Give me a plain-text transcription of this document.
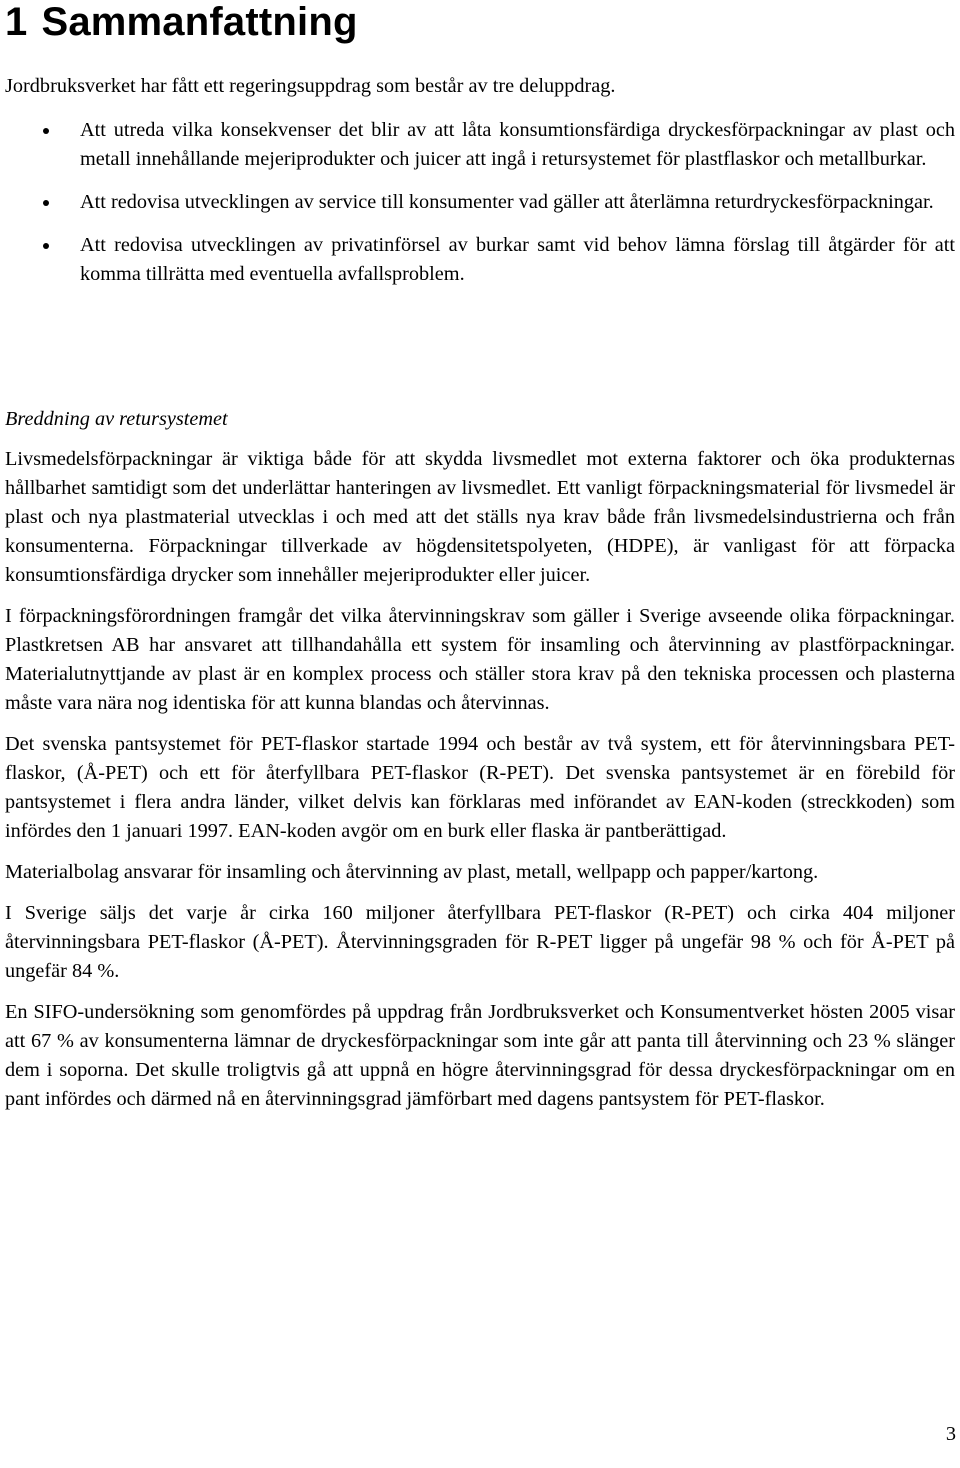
1 Sammanfattning

Jordbruksverket har fått ett regeringsuppdrag som består av tre deluppdrag.

Att utreda vilka konsekvenser det blir av att låta konsumtionsfärdiga dryckesförpackningar av plast och metall innehållande mejeriprodukter och juicer att ingå i retursystemet för plastflaskor och metallburkar.
Att redovisa utvecklingen av service till konsumenter vad gäller att återlämna returdryckesförpackningar.
Att redovisa utvecklingen av privatinförsel av burkar samt vid behov lämna förslag till åtgärder för att komma tillrätta med eventuella avfallsproblem.
Breddning av retursystemet

Livsmedelsförpackningar är viktiga både för att skydda livsmedlet mot externa faktorer och öka produkternas hållbarhet samtidigt som det underlättar hanteringen av livsmedlet. Ett vanligt förpackningsmaterial för livsmedel är plast och nya plastmaterial utvecklas i och med att det ställs nya krav både från livsmedelsindustrierna och från konsumenterna. Förpackningar tillverkade av högdensitetspolyeten, (HDPE), är vanligast för att förpacka konsumtionsfärdiga drycker som innehåller mejeriprodukter eller juicer.

I förpackningsförordningen framgår det vilka återvinningskrav som gäller i Sverige avseende olika förpackningar. Plastkretsen AB har ansvaret att tillhandahålla ett system för insamling och återvinning av plastförpackningar. Materialutnyttjande av plast är en komplex process och ställer stora krav på den tekniska processen och plasterna måste vara nära nog identiska för att kunna blandas och återvinnas.

Det svenska pantsystemet för PET-flaskor startade 1994 och består av två system, ett för återvinningsbara PET-flaskor, (Å-PET) och ett för återfyllbara PET-flaskor (R-PET). Det svenska pantsystemet är en förebild för pantsystemet i flera andra länder, vilket delvis kan förklaras med införandet av EAN-koden (streckkoden) som infördes den 1 januari 1997. EAN-koden avgör om en burk eller flaska är pantberättigad.

Materialbolag ansvarar för insamling och återvinning av plast, metall, wellpapp och papper/kartong.

I Sverige säljs det varje år cirka 160 miljoner återfyllbara PET-flaskor (R-PET) och cirka 404 miljoner återvinningsbara PET-flaskor (Å-PET). Återvinningsgraden för R-PET ligger på ungefär 98 % och för Å-PET på ungefär 84 %.

En SIFO-undersökning som genomfördes på uppdrag från Jordbruksverket och Konsumentverket hösten 2005 visar att 67 % av konsumenterna lämnar de dryckesförpackningar som inte går att panta till återvinning och 23 % slänger dem i soporna. Det skulle troligtvis gå att uppnå en högre återvinningsgrad för dessa dryckesförpackningar om en pant infördes och därmed nå en återvinningsgrad jämförbart med dagens pantsystem för PET-flaskor.

3
